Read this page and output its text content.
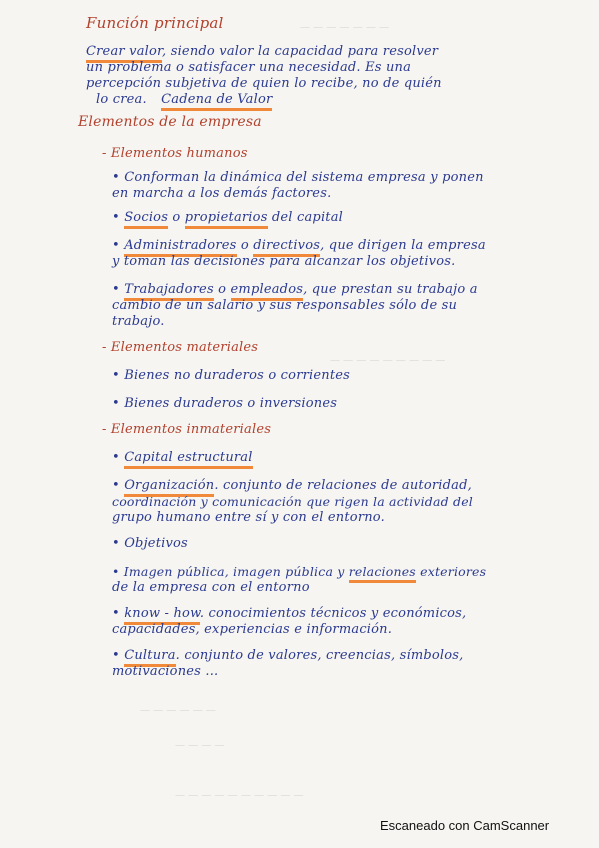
— — — — — — —
— — — — — — — — —
— — — — — —
— — — —
— — — — — — — — — —
Función principal
Crear valor, siendo valor la capacidad para resolver
un problema o satisfacer una necesidad. Es una
percepción subjetiva de quien lo recibe, no de quién
lo crea. Cadena de Valor
Elementos de la empresa
- Elementos humanos
• Conforman la dinámica del sistema empresa y ponen
en marcha a los demás factores.
• Socios o propietarios del capital
• Administradores o directivos, que dirigen la empresa
y toman las decisiones para alcanzar los objetivos.
• Trabajadores o empleados, que prestan su trabajo a
cambio de un salario y sus responsables sólo de su
trabajo.
- Elementos materiales
• Bienes no duraderos o corrientes
• Bienes duraderos o inversiones
- Elementos inmateriales
• Capital estructural
• Organización. conjunto de relaciones de autoridad,
coordinación y comunicación que rigen la actividad del
grupo humano entre sí y con el entorno.
• Objetivos
• Imagen pública, imagen pública y relaciones exteriores
de la empresa con el entorno
• know - how. conocimientos técnicos y económicos,
capacidades, experiencias e información.
• Cultura. conjunto de valores, creencias, símbolos,
motivaciones ...
Escaneado con CamScanner
